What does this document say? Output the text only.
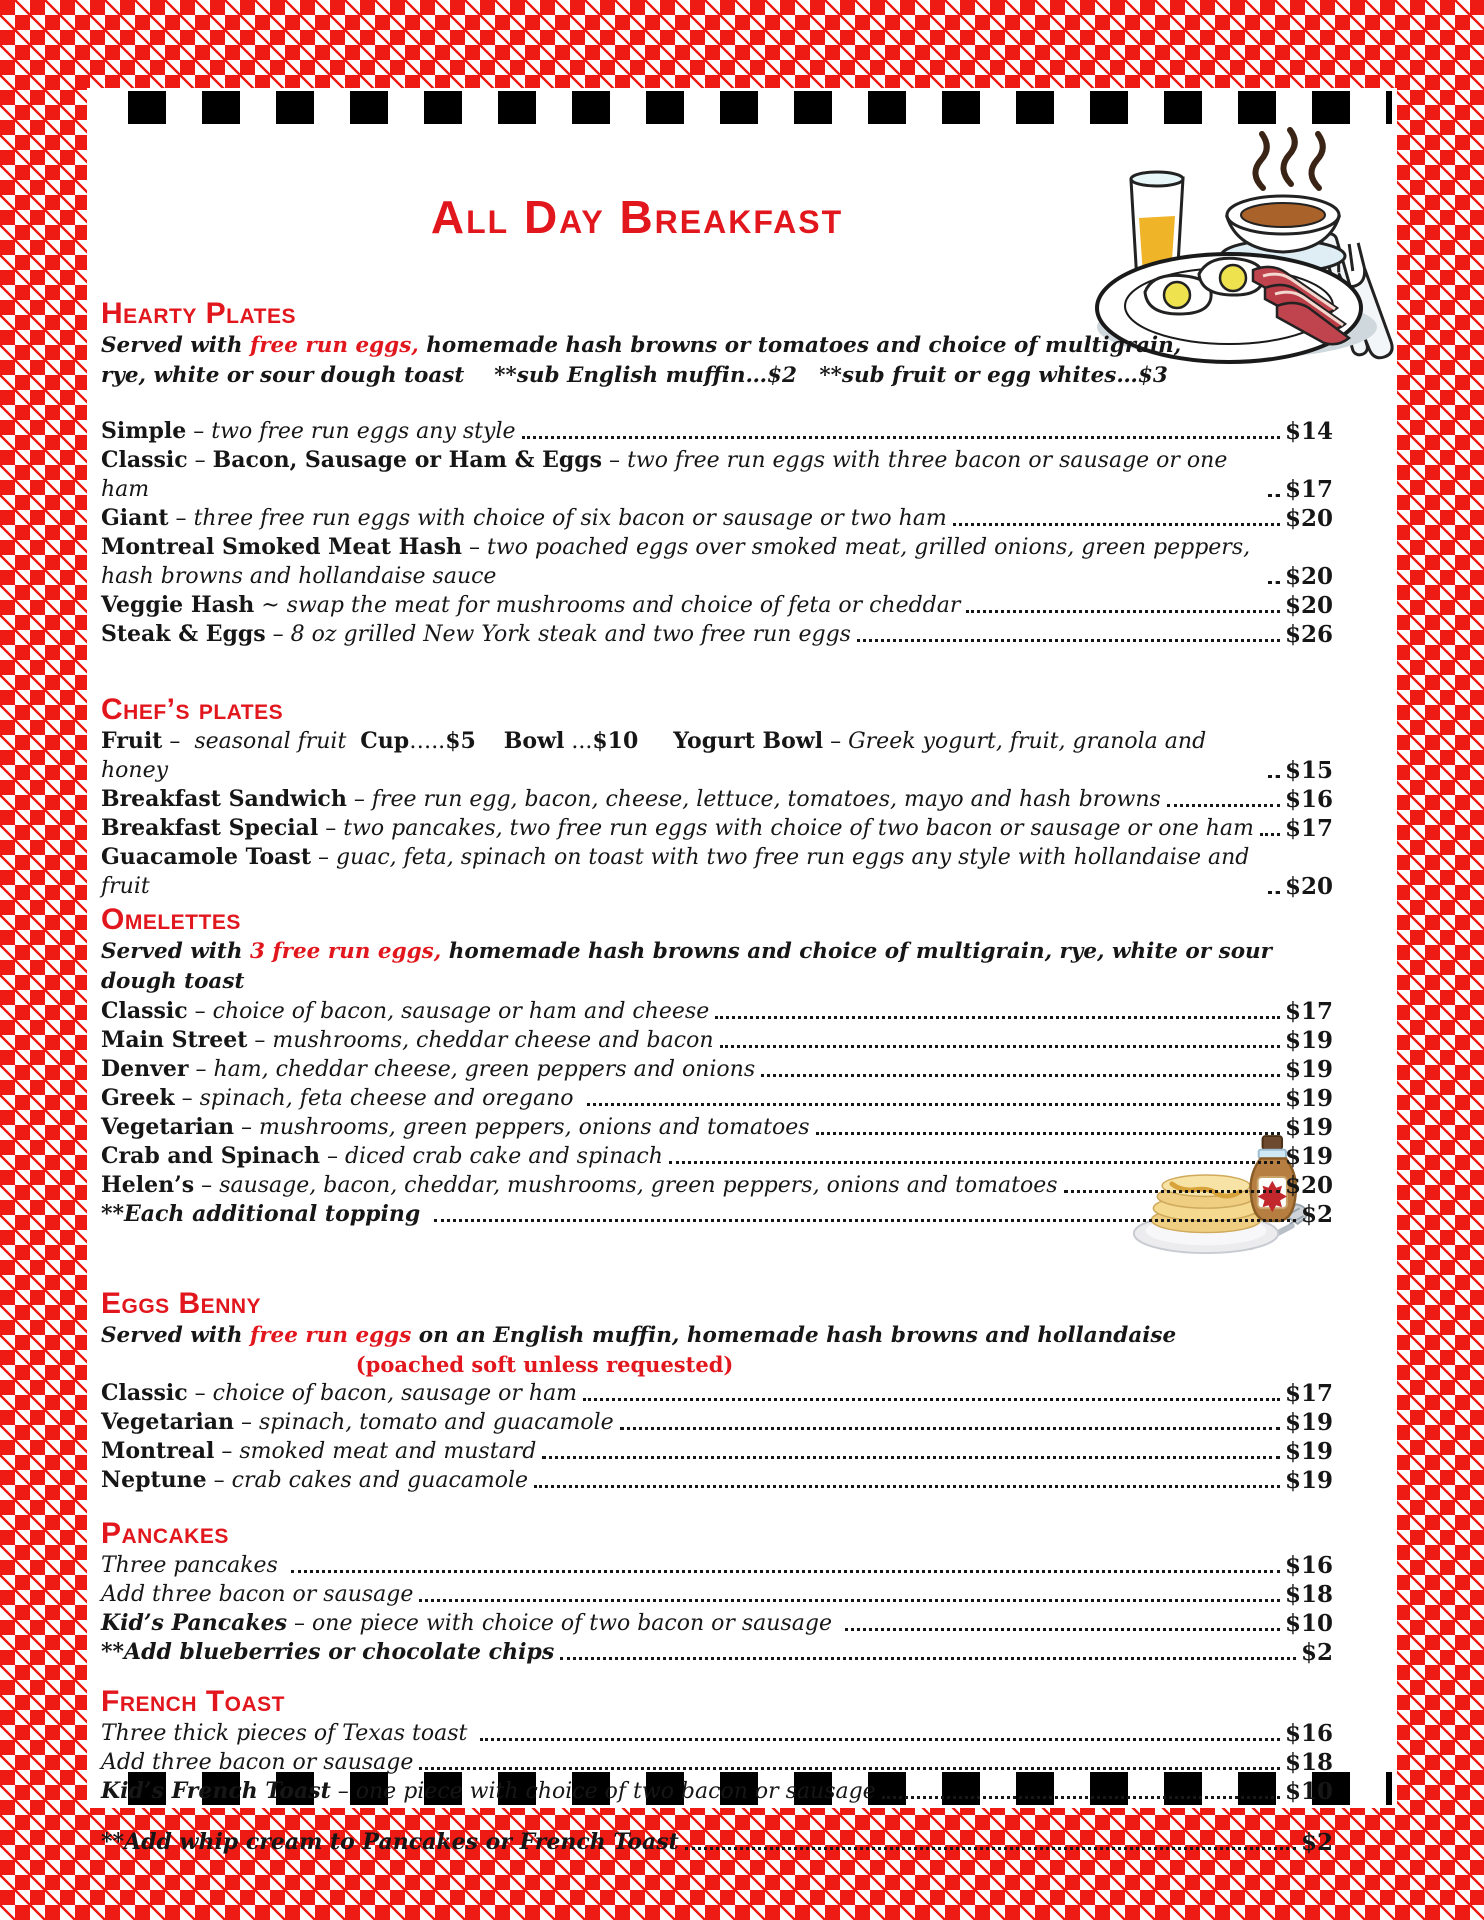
All Day Breakfast
Hearty Plates

Served with free run eggs, homemade hash browns or tomatoes and choice of multigrain,

rye, white or sour dough toast    **sub English muffin…$2   **sub fruit or egg whites…$3

Simple – two free run eggs any style	$14
Classic – Bacon, Sausage or Ham & Eggs – two free run eggs with three bacon or sausage or one ham	$17
Giant – three free run eggs with choice of six bacon or sausage or two ham	$20
Montreal Smoked Meat Hash – two poached eggs over smoked meat, grilled onions, green peppers, hash browns and hollandaise sauce	$20
Veggie Hash ~ swap the meat for mushrooms and choice of feta or cheddar	$20
Steak & Eggs – 8 oz grilled New York steak and two free run eggs	$26
Chef’s plates
Fruit –  seasonal fruit  Cup…..$5 Bowl ...$10 Yogurt Bowl – Greek yogurt, fruit, granola and honey	$15
Breakfast Sandwich – free run egg, bacon, cheese, lettuce, tomatoes, mayo and hash browns	$16
Breakfast Special – two pancakes, two free run eggs with choice of two bacon or sausage or one ham $17
Guacamole Toast – guac, feta, spinach on toast with two free run eggs any style with hollandaise and fruit	$20
Omelettes

Served with 3 free run eggs, homemade hash browns and choice of multigrain, rye, white or sour dough toast

Classic – choice of bacon, sausage or ham and cheese	$17
Main Street – mushrooms, cheddar cheese and bacon	$19
Denver – ham, cheddar cheese, green peppers and onions	$19
Greek – spinach, feta cheese and oregano	$19
Vegetarian – mushrooms, green peppers, onions and tomatoes	$19
Crab and Spinach – diced crab cake and spinach	$19
Helen’s – sausage, bacon, cheddar, mushrooms, green peppers, onions and tomatoes	$20
**Each additional topping	$2
Eggs Benny

Served with free run eggs on an English muffin, homemade hash browns and hollandaise

(poached soft unless requested)

Classic – choice of bacon, sausage or ham	$17
Vegetarian – spinach, tomato and guacamole	$19
Montreal – smoked meat and mustard	$19
Neptune – crab cakes and guacamole	$19
Pancakes
Three pancakes	$16
Add three bacon or sausage	$18
Kid’s Pancakes – one piece with choice of two bacon or sausage	$10
**Add blueberries or chocolate chips	$2
French Toast
Three thick pieces of Texas toast	$16
Add three bacon or sausage	$18
Kid’s French Toast – one piece with choice of two bacon or sausage	$10
**Add whip cream to Pancakes or French Toast	$2
